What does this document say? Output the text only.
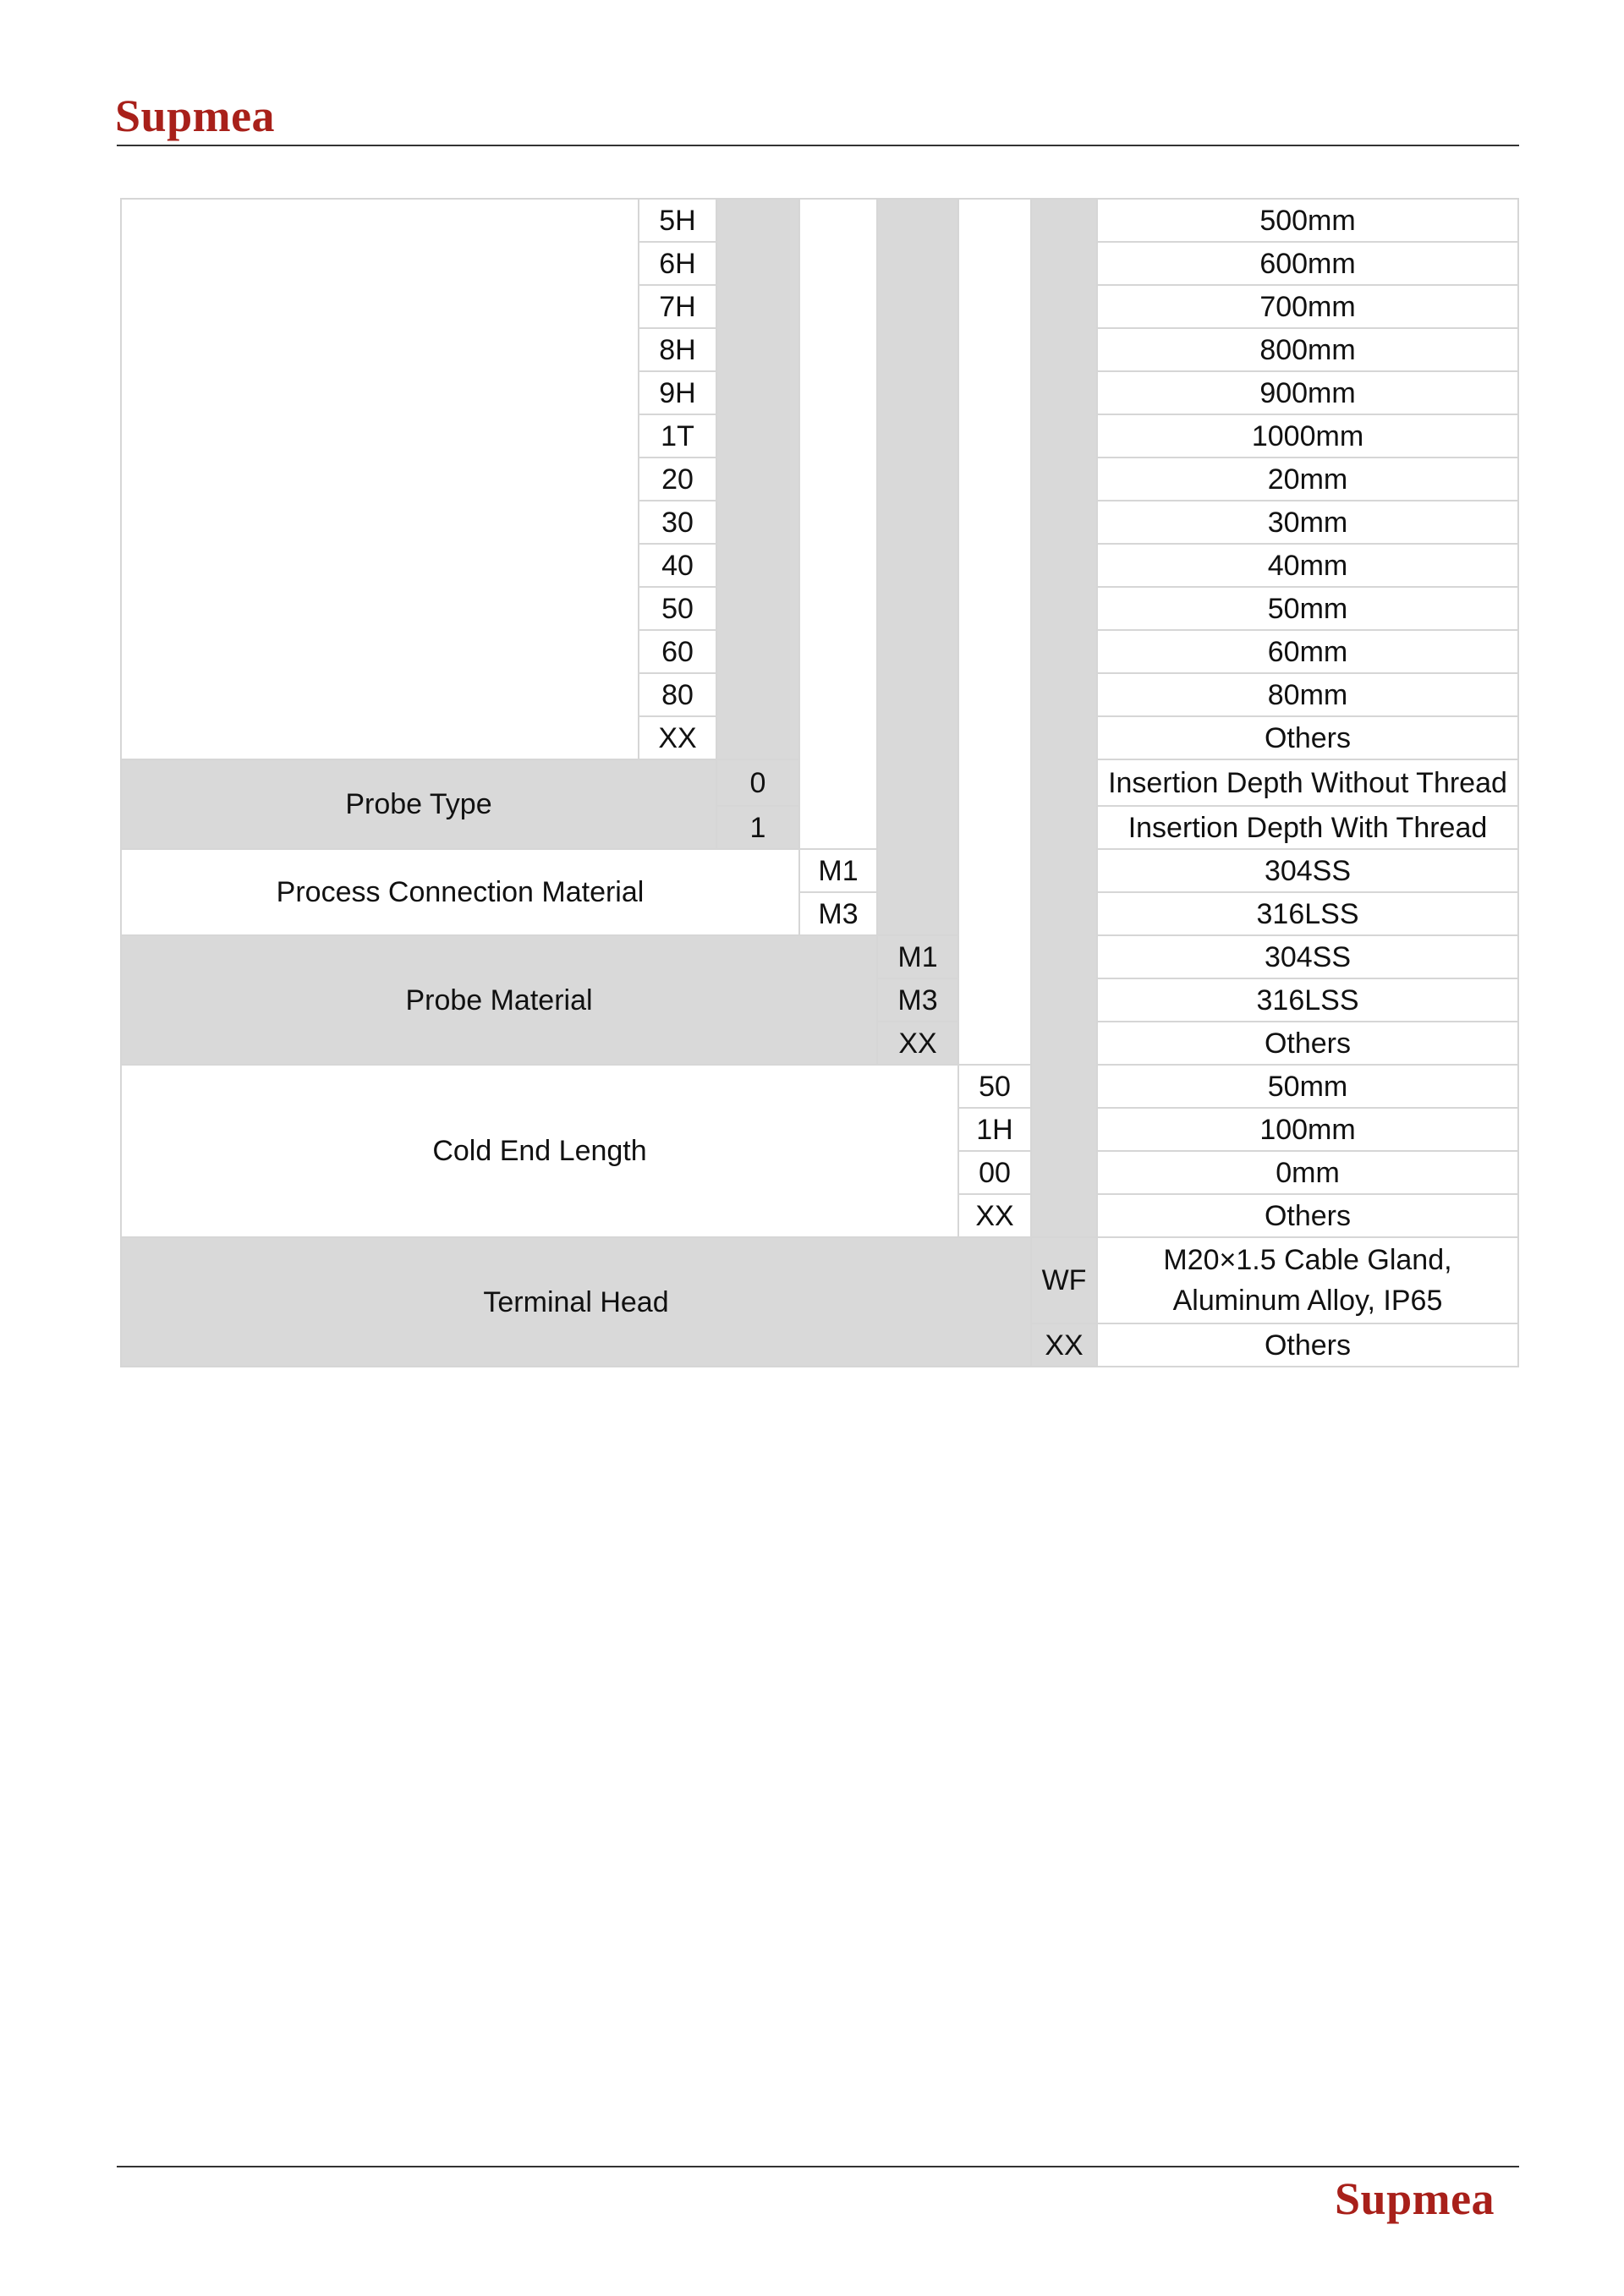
Supmea
	5H						500mm
	6H						600mm
	7H						700mm
	8H						800mm
	9H						900mm
	1T						1000mm
	20						20mm
	30						30mm
	40						40mm
	50						50mm
	60						60mm
	80						80mm
	XX						Others
Probe Type		0					Insertion Depth Without Thread
		1					Insertion Depth With Thread
Process Connection Material			M1				304SS
			M3				316LSS
Probe Material				M1			304SS
				M3			316LSS
				XX			Others
Cold End Length					50		50mm
					1H		100mm
					00		0mm
					XX		Others
Terminal Head						WF	M20×1.5 Cable Gland, Aluminum Alloy, IP65
						XX	Others
Supmea
